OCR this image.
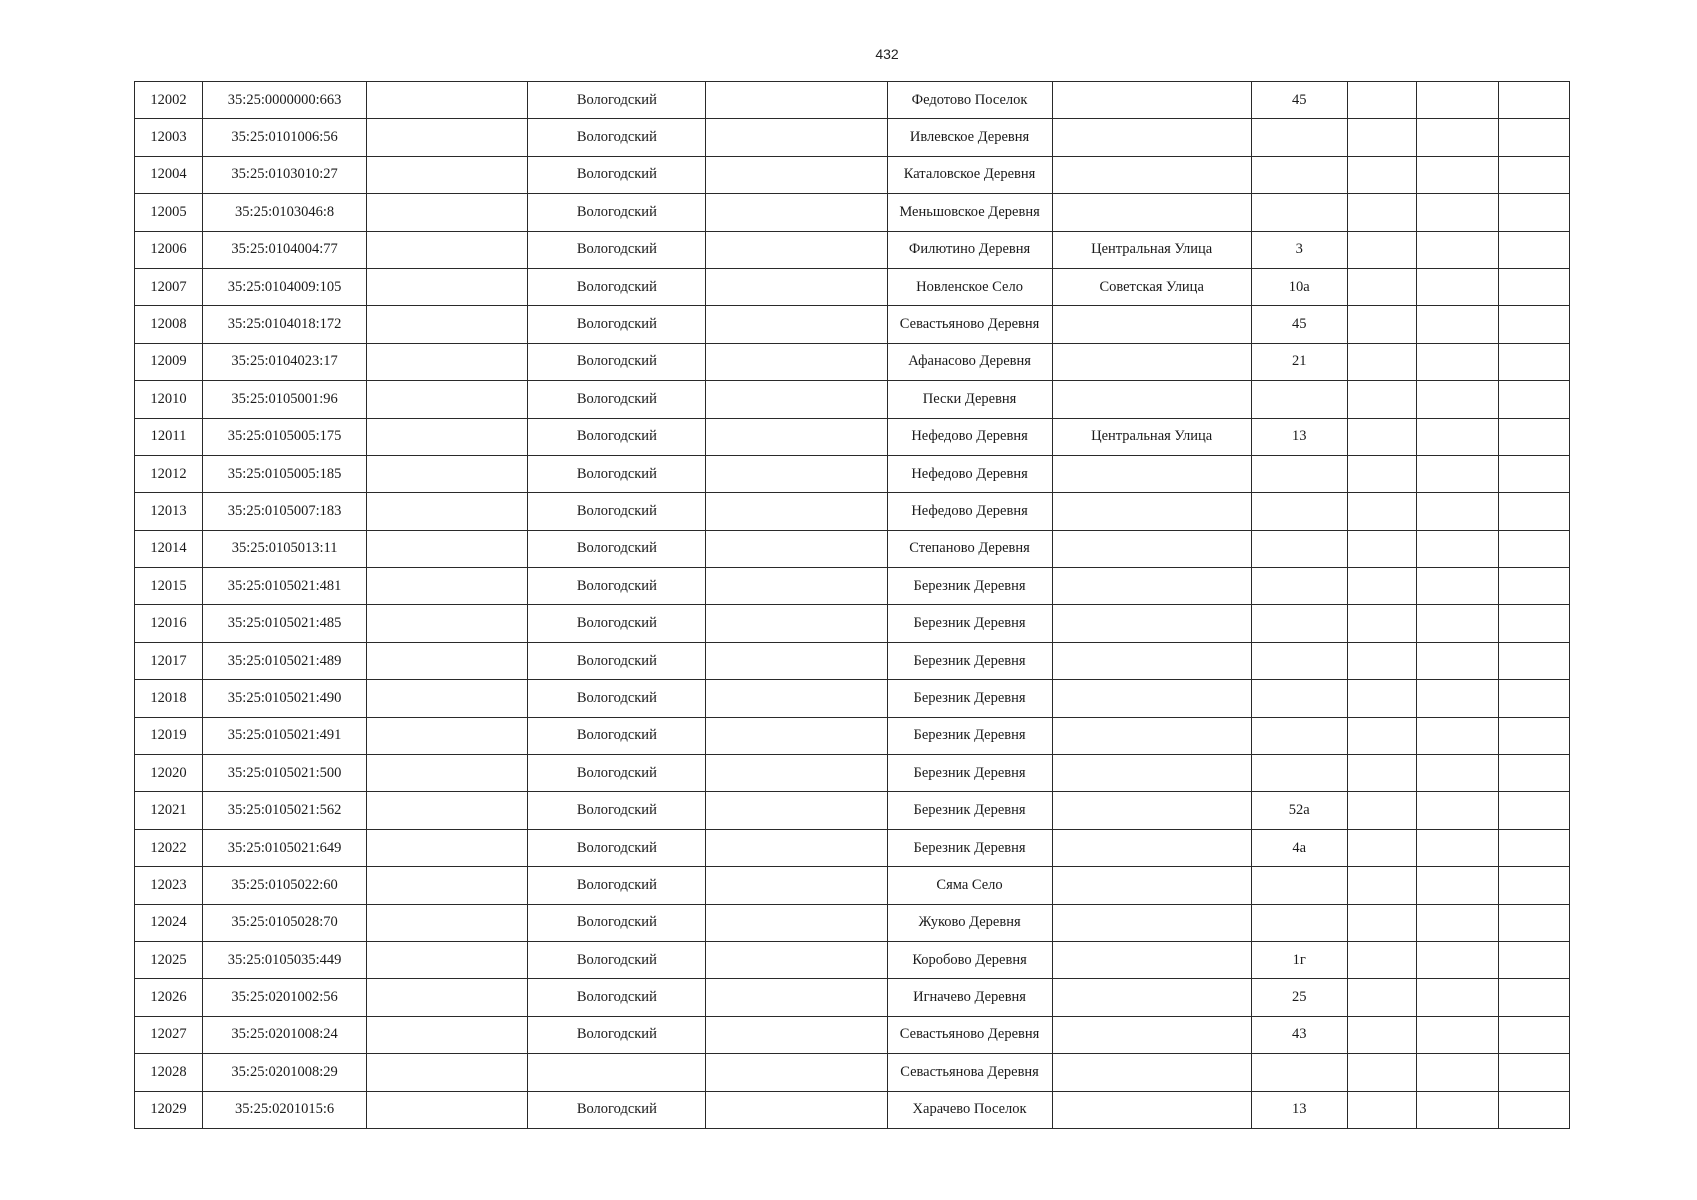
432
12002	35:25:0000000:663		Вологодский		Федотово Поселок		45			
12003	35:25:0101006:56		Вологодский		Ивлевское Деревня					
12004	35:25:0103010:27		Вологодский		Каталовское Деревня					
12005	35:25:0103046:8		Вологодский		Меньшовское Деревня					
12006	35:25:0104004:77		Вологодский		Филютино Деревня	Центральная Улица	3			
12007	35:25:0104009:105		Вологодский		Новленское Село	Советская Улица	10а			
12008	35:25:0104018:172		Вологодский		Севастьяново Деревня		45			
12009	35:25:0104023:17		Вологодский		Афанасово Деревня		21			
12010	35:25:0105001:96		Вологодский		Пески Деревня					
12011	35:25:0105005:175		Вологодский		Нефедово Деревня	Центральная Улица	13			
12012	35:25:0105005:185		Вологодский		Нефедово Деревня					
12013	35:25:0105007:183		Вологодский		Нефедово Деревня					
12014	35:25:0105013:11		Вологодский		Степаново Деревня					
12015	35:25:0105021:481		Вологодский		Березник Деревня					
12016	35:25:0105021:485		Вологодский		Березник Деревня					
12017	35:25:0105021:489		Вологодский		Березник Деревня					
12018	35:25:0105021:490		Вологодский		Березник Деревня					
12019	35:25:0105021:491		Вологодский		Березник Деревня					
12020	35:25:0105021:500		Вологодский		Березник Деревня					
12021	35:25:0105021:562		Вологодский		Березник Деревня		52а			
12022	35:25:0105021:649		Вологодский		Березник Деревня		4а			
12023	35:25:0105022:60		Вологодский		Сяма Село					
12024	35:25:0105028:70		Вологодский		Жуково Деревня					
12025	35:25:0105035:449		Вологодский		Коробово Деревня		1г			
12026	35:25:0201002:56		Вологодский		Игначево Деревня		25			
12027	35:25:0201008:24		Вологодский		Севастьяново Деревня		43			
12028	35:25:0201008:29				Севастьянова Деревня					
12029	35:25:0201015:6		Вологодский		Харачево Поселок		13			
